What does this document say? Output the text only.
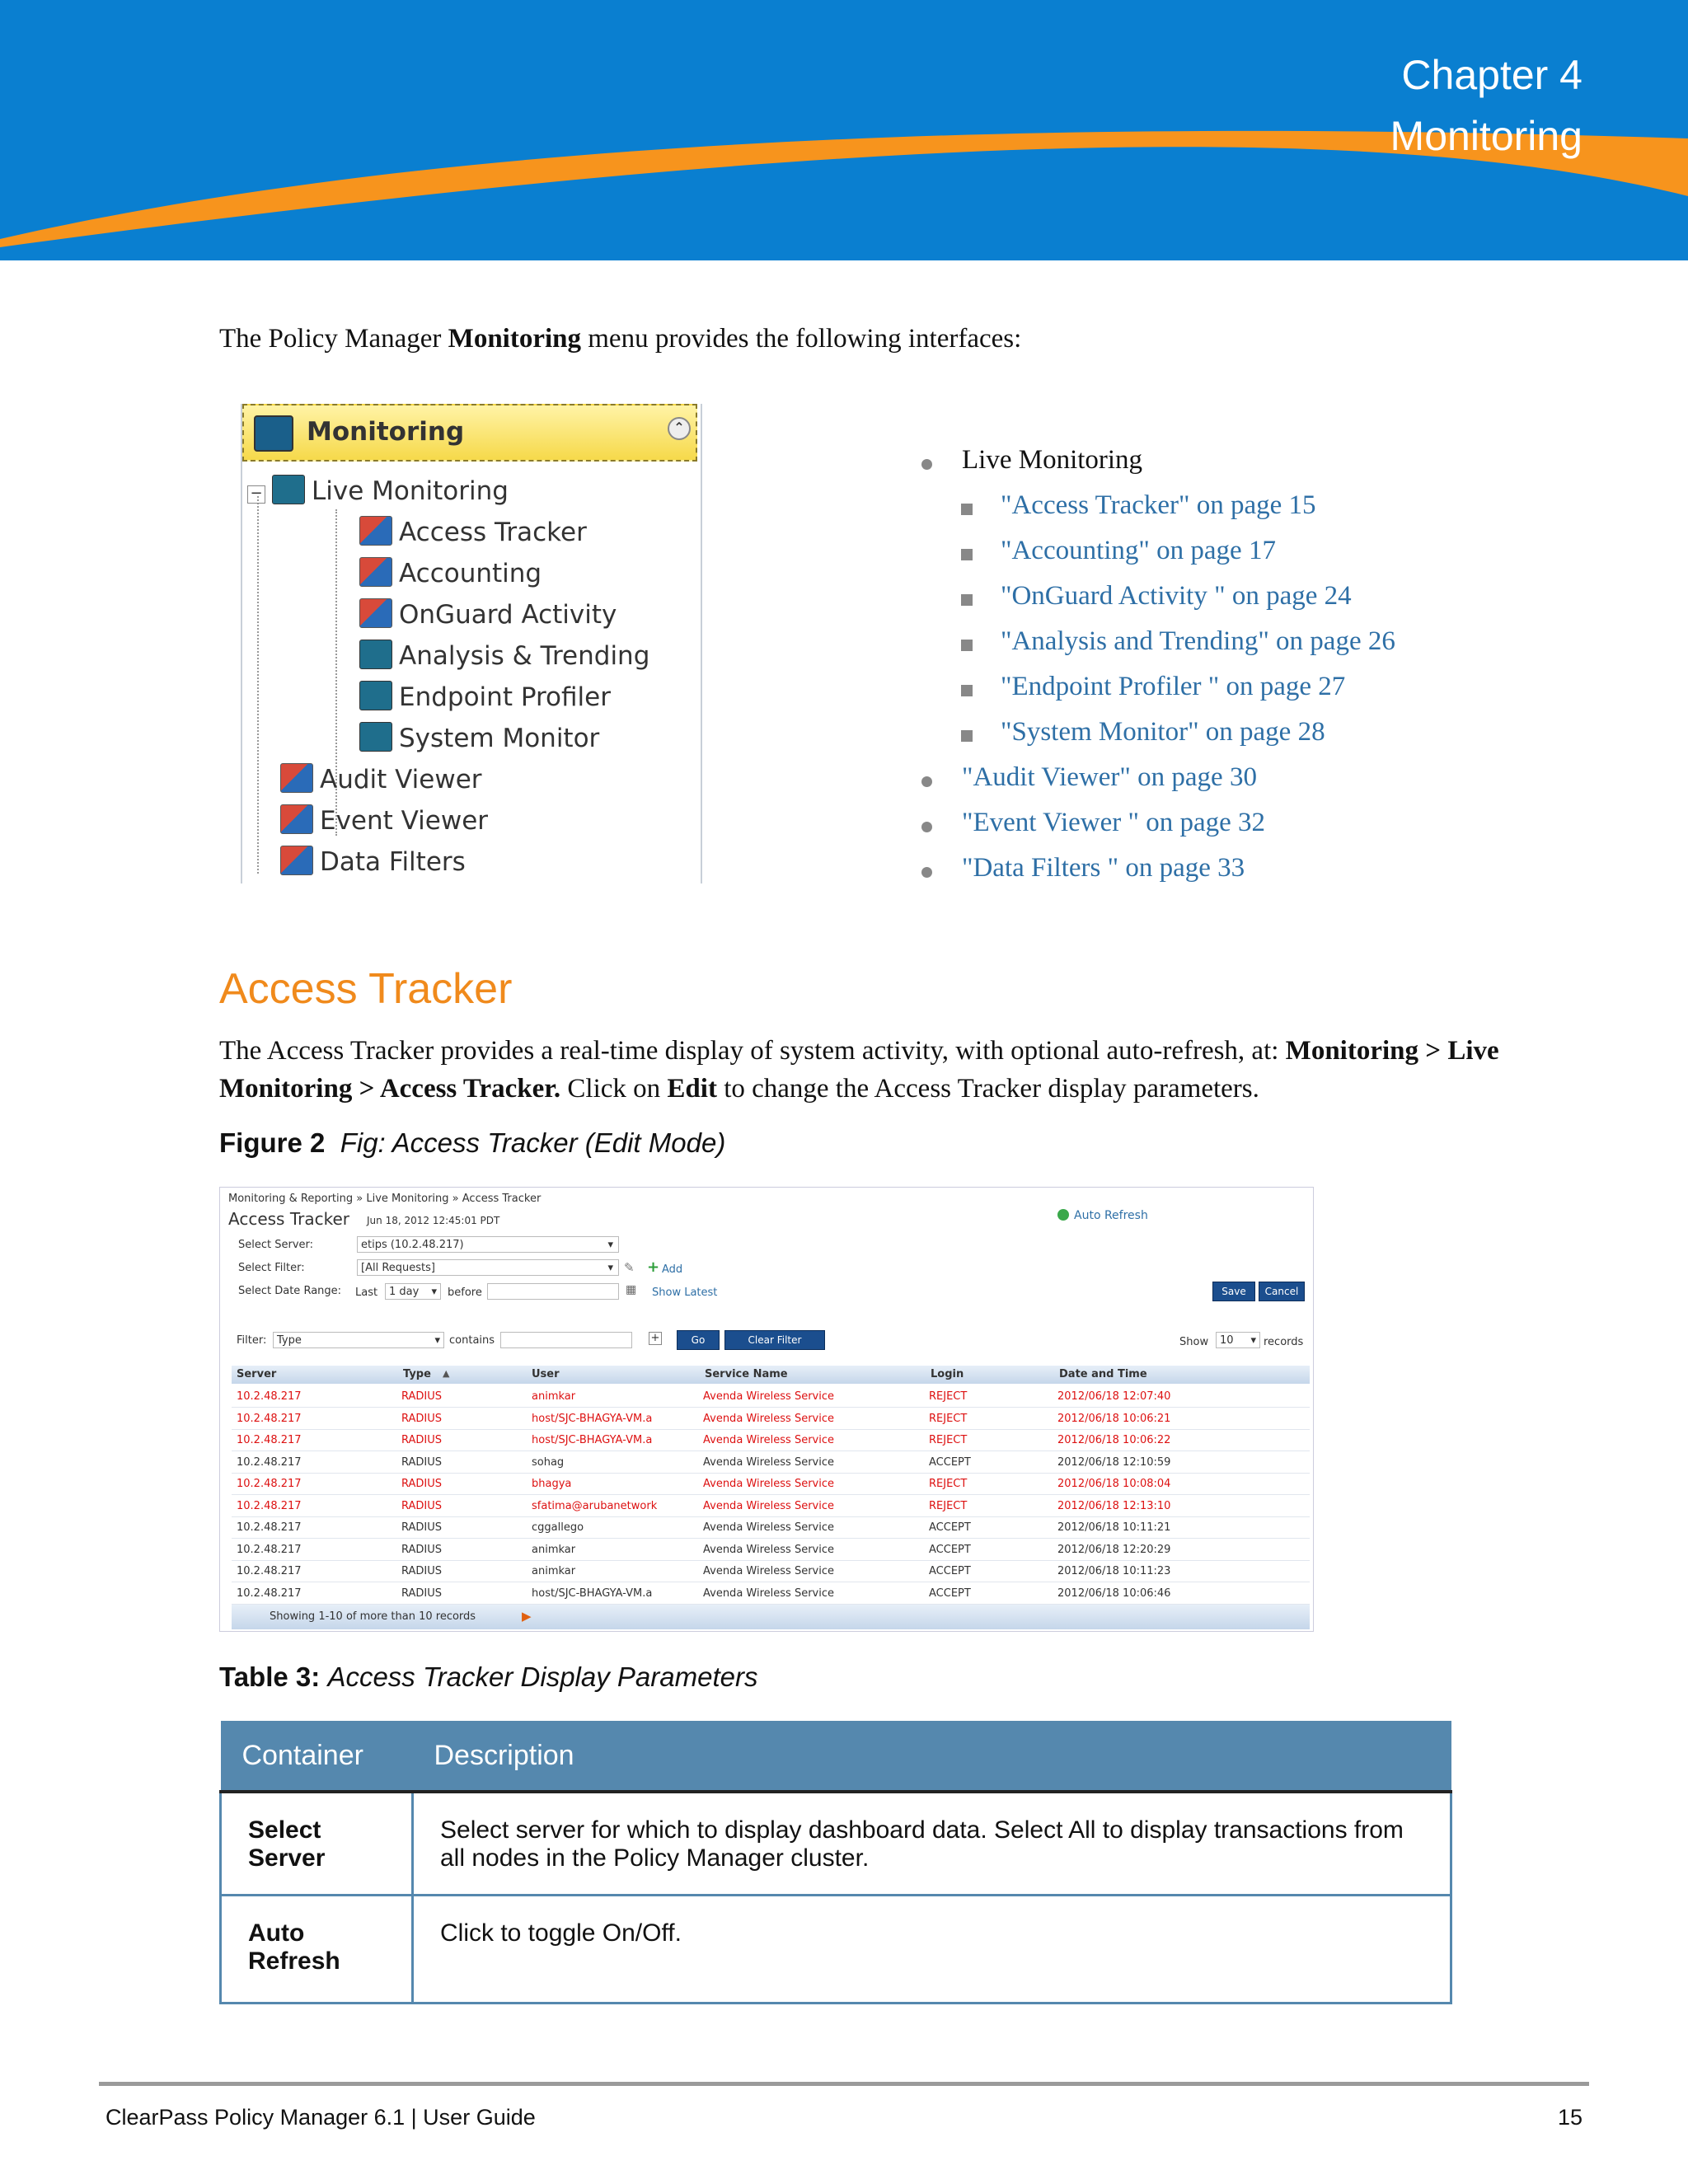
Chapter 4
Monitoring
The Policy Manager Monitoring menu provides the following interfaces:
Monitoring	⌃
− Live Monitoring
Access Tracker
Accounting
OnGuard Activity
Analysis & Trending
Endpoint Profiler
System Monitor
Audit Viewer
Event Viewer
Data Filters
Live Monitoring
"Access Tracker" on page 15
"Accounting" on page 17
"OnGuard Activity " on page 24
"Analysis and Trending" on page 26
"Endpoint Profiler " on page 27
"System Monitor" on page 28
"Audit Viewer" on page 30
"Event Viewer " on page 32
"Data Filters " on page 33
Access Tracker
The Access Tracker provides a real-time display of system activity, with optional auto-refresh, at: Monitoring > Live
Monitoring > Access Tracker. Click on Edit to change the Access Tracker display parameters.
Figure 2 Fig: Access Tracker (Edit Mode)
Monitoring & Reporting » Live Monitoring » Access Tracker
Access Tracker Jun 18, 2012 12:45:01 PDT	Auto Refresh
Select Server:	etips (10.2.48.217)	▾
Select Filter:	[All Requests]	▾ ✎ + Add
Select Date Range: Last	1 day ▾ before	▦ Show Latest	Save	Cancel
Filter: Type	▾ contains	+	Go	Clear Filter	Show	10 ▾ records
Server	Type ▲	User	Service Name	Login	Date and Time
10.2.48.217	RADIUS	animkar	Avenda Wireless Service	REJECT	2012/06/18 12:07:40
10.2.48.217	RADIUS	host/SJC-BHAGYA-VM.a	Avenda Wireless Service	REJECT	2012/06/18 10:06:21
10.2.48.217	RADIUS	host/SJC-BHAGYA-VM.a	Avenda Wireless Service	REJECT	2012/06/18 10:06:22
10.2.48.217	RADIUS	sohag	Avenda Wireless Service	ACCEPT	2012/06/18 12:10:59
10.2.48.217	RADIUS	bhagya	Avenda Wireless Service	REJECT	2012/06/18 10:08:04
10.2.48.217	RADIUS	sfatima@arubanetwork	Avenda Wireless Service	REJECT	2012/06/18 12:13:10
10.2.48.217	RADIUS	cggallego	Avenda Wireless Service	ACCEPT	2012/06/18 10:11:21
10.2.48.217	RADIUS	animkar	Avenda Wireless Service	ACCEPT	2012/06/18 12:20:29
10.2.48.217	RADIUS	animkar	Avenda Wireless Service	ACCEPT	2012/06/18 10:11:23
10.2.48.217	RADIUS	host/SJC-BHAGYA-VM.a	Avenda Wireless Service	ACCEPT	2012/06/18 10:06:46
Showing 1-10 of more than 10 records	▶
Table 3: Access Tracker Display Parameters
Container	Description
Select
Server	Select server for which to display dashboard data. Select All to display transactions from all nodes in the Policy Manager cluster.
Auto
Refresh	Click to toggle On/Off.
ClearPass Policy Manager 6.1 | User Guide	15
